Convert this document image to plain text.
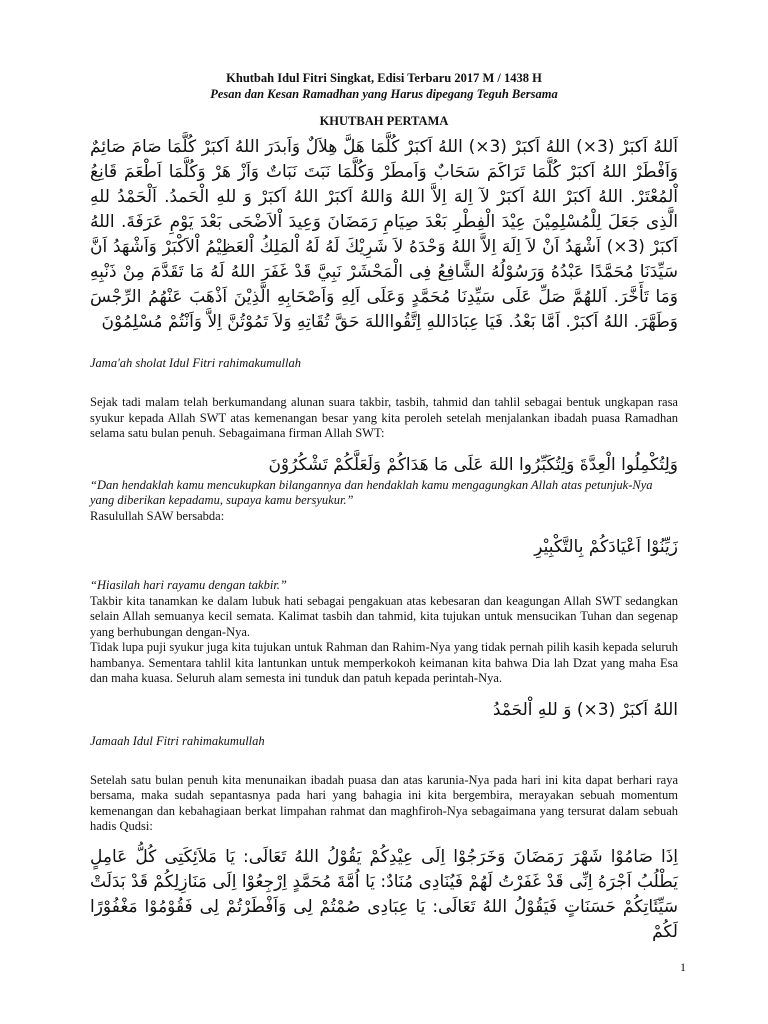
Khutbah Idul Fitri Singkat, Edisi Terbaru 2017 M / 1438 H
Pesan dan Kesan Ramadhan yang Harus dipegang Teguh Bersama
KHUTBAH PERTAMA

اَللهُ اَكبَرْ (3×) اللهُ اَكبَرْ (3×) اللهُ اَكبَرْ كُلَّمَا هَلَّ هِلاَلٌ وَاَبدَرَ اللهُ اَكبَرْ كُلَّمَا صَامَ صَائِمٌ وَاَفْطَرْ اللهُ اَكبَرْ كُلَّمَا تَرَاكَمَ سَحَابٌ وَاَمطَرْ وَكُلَّمَا نَبَتَ نَبَاتٌ وَاَزْ هَرْ وَكُلَّمَا اَطْعَمَ قَانِعُ اْلمُعْتَرْ. اللهُ اَكبَرْ اللهُ اَكبَرْ لآ اِلهَ اِلاَّ اللهُ وَاللهُ اَكبَرْ اللهُ اَكبَرْ وَ للهِ الْحَمدُ. اَلْحَمْدُ للهِ الَّذِى جَعَلَ لِلْمُسْلِمِيْنَ عِيْدَ الْفِطْرِ بَعْدَ صِيَامِ رَمَضَانَ وَعِيدَ اْلاَضْحَى بَعْدَ يَوْمِ عَرَفَةَ. اللهُ اَكبَرْ (3×) اَشْهَدُ اَنْ لاَ اِلَهَ اِلاَّ اللهُ وَحْدَهُ لاَ شَرِيْكَ لَهُ لَهُ اْلمَلِكُ اْلعَظِيْمُ اْلاَكْبَرْ وَاَشْهَدُ اَنَّ سَيِّدَنَا مُحَمَّدًا عَبْدُهُ وَرَسُوْلُهُ الشَّافِعُ فِى الْمَحْشَرْ نَبِيَّ قَدْ غَفَرَ اللهُ لَهُ مَا تَقَدَّمَ مِنْ ذَنْبِهِ وَمَا تَأَخَّرَ. اَللهُمَّ صَلِّ عَلَى سَيِّدِنَا مُحَمَّدٍ وَعَلَى اَلِهِ وَاَصْحَابِهِ الَّذِيْنَ اَذْهَبَ عَنْهُمُ الرِّجْسَ وَطَهَّرَ. اللهُ اَكبَرْ. اَمَّا بَعْدُ. فَيَا عِبَادَاللهِ اِتَّقُوااللهَ حَقَّ تُقَاتِهِ وَلاَ تَمُوْتُنَّ اِلاَّ وَاَنْتُمْ مُسْلِمُوْنَ

Jama'ah sholat Idul Fitri rahimakumullah

Sejak tadi malam telah berkumandang alunan suara takbir, tasbih, tahmid dan tahlil sebagai bentuk ungkapan rasa syukur kepada Allah SWT atas kemenangan besar yang kita peroleh setelah menjalankan ibadah puasa Ramadhan selama satu bulan penuh. Sebagaimana firman Allah SWT:

وَلِتُكْمِلُوا الْعِدَّةَ وَلِتُكَبِّرُوا اللهَ عَلَى مَا هَدَاكُمْ وَلَعَلَّكُمْ تَشْكُرُوْنَ

“Dan hendaklah kamu mencukupkan bilangannya dan hendaklah kamu mengagungkan Allah atas petunjuk-Nya yang diberikan kepadamu, supaya kamu bersyukur.”

Rasulullah SAW bersabda:

زَيِّنُوْا اَعْيَادَكُمْ بِالتَّكْبِيْرِ

“Hiasilah hari rayamu dengan takbir.”

Takbir kita tanamkan ke dalam lubuk hati sebagai pengakuan atas kebesaran dan keagungan Allah SWT sedangkan selain Allah semuanya kecil semata. Kalimat tasbih dan tahmid, kita tujukan untuk mensucikan Tuhan dan segenap yang berhubungan dengan-Nya.

Tidak lupa puji syukur juga kita tujukan untuk Rahman dan Rahim-Nya yang tidak pernah pilih kasih kepada seluruh hambanya. Sementara tahlil kita lantunkan untuk memperkokoh keimanan kita bahwa Dia lah Dzat yang maha Esa dan maha kuasa. Seluruh alam semesta ini tunduk dan patuh kepada perintah-Nya.

اللهُ اَكبَرْ (3×) وَ للهِ اْلحَمْدُ

Jamaah Idul Fitri rahimakumullah

Setelah satu bulan penuh kita menunaikan ibadah puasa dan atas karunia-Nya pada hari ini kita dapat berhari raya bersama, maka sudah sepantasnya pada hari yang bahagia ini kita bergembira, merayakan sebuah momentum kemenangan dan kebahagiaan berkat limpahan rahmat dan maghfiroh-Nya sebagaimana yang tersurat dalam sebuah hadis Qudsi:

اِذَا صَامُوْا شَهْرَ رَمَضَانَ وَخَرَجُوْا اِلَى عِيْدِكُمْ يَقُوْلُ اللهُ تَعَالَى: يَا مَلاَئِكَتِى كُلُّ عَامِلٍ يَطْلُبُ اَجْرَهُ اِنِّى قَدْ غَفَرْتُ لَهُمْ فَيُنَادِى مُنَادٌ: يَا اُمَّةَ مُحَمَّدٍ اِرْجِعُوْا اِلَى مَنَازِلِكُمْ قَدْ بَدَلَتْ سَيِّئَاتِكُمْ حَسَنَاتٍ فَيَقُوْلُ اللهُ تَعَالَى: يَا عِبَادِى صُمْتُمْ لِى وَاَفْطَرْتُمْ لِى فَقُوْمُوْا مَغْفُوْرًا لَكُمْ

1
